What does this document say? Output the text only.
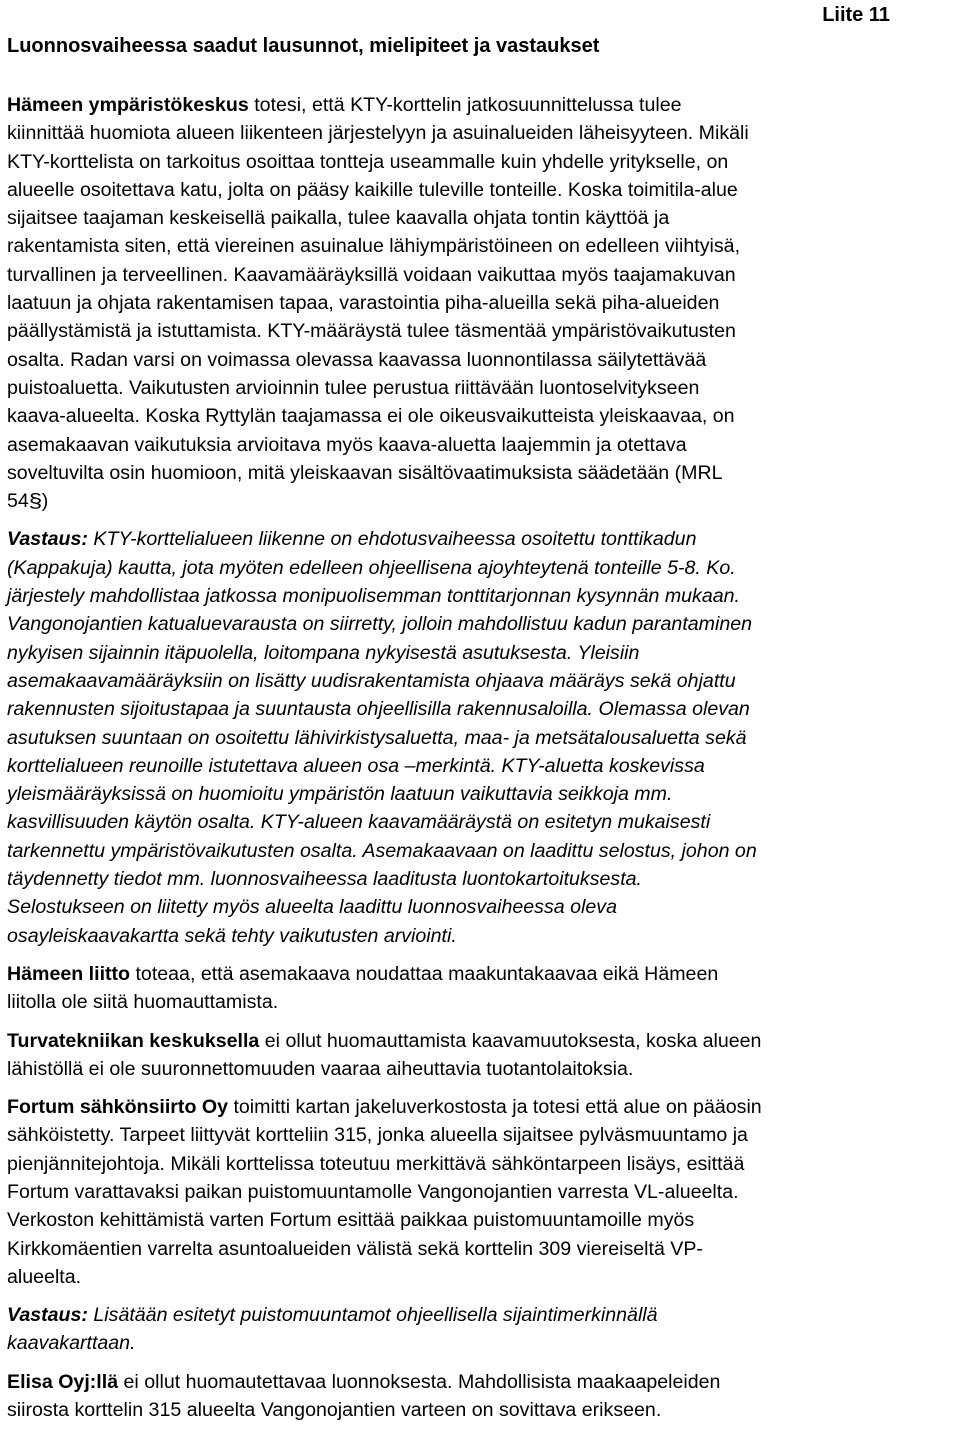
Liite 11

Luonnosvaiheessa saadut lausunnot, mielipiteet ja vastaukset

Hämeen ympäristökeskus totesi, että KTY-korttelin jatkosuunnittelussa tulee
kiinnittää huomiota alueen liikenteen järjestelyyn ja asuinalueiden läheisyyteen. Mikäli
KTY-korttelista on tarkoitus osoittaa tontteja useammalle kuin yhdelle yritykselle, on
alueelle osoitettava katu, jolta on pääsy kaikille tuleville tonteille. Koska toimitila-alue
sijaitsee taajaman keskeisellä paikalla, tulee kaavalla ohjata tontin käyttöä ja
rakentamista siten, että viereinen asuinalue lähiympäristöineen on edelleen viihtyisä,
turvallinen ja terveellinen. Kaavamääräyksillä voidaan vaikuttaa myös taajamakuvan
laatuun ja ohjata rakentamisen tapaa, varastointia piha-alueilla sekä piha-alueiden
päällystämistä ja istuttamista. KTY-määräystä tulee täsmentää ympäristövaikutusten
osalta. Radan varsi on voimassa olevassa kaavassa luonnontilassa säilytettävää
puistoaluetta. Vaikutusten arvioinnin tulee perustua riittävään luontoselvitykseen
kaava-alueelta. Koska Ryttylän taajamassa ei ole oikeusvaikutteista yleiskaavaa, on
asemakaavan vaikutuksia arvioitava myös kaava-aluetta laajemmin ja otettava
soveltuvilta osin huomioon, mitä yleiskaavan sisältövaatimuksista säädetään (MRL
54§)

Vastaus: KTY-korttelialueen liikenne on ehdotusvaiheessa osoitettu tonttikadun
(Kappakuja) kautta, jota myöten edelleen ohjeellisena ajoyhteytenä tonteille 5-8. Ko.
järjestely mahdollistaa jatkossa monipuolisemman tonttitarjonnan kysynnän mukaan.
Vangonojantien katualuevarausta on siirretty, jolloin mahdollistuu kadun parantaminen
nykyisen sijainnin itäpuolella, loitompana nykyisestä asutuksesta. Yleisiin
asemakaavamääräyksiin on lisätty uudisrakentamista ohjaava määräys sekä ohjattu
rakennusten sijoitustapaa ja suuntausta ohjeellisilla rakennusaloilla. Olemassa olevan
asutuksen suuntaan on osoitettu lähivirkistysaluetta, maa- ja metsätalousaluetta sekä
korttelialueen reunoille istutettava alueen osa –merkintä. KTY-aluetta koskevissa
yleismääräyksissä on huomioitu ympäristön laatuun vaikuttavia seikkoja mm.
kasvillisuuden käytön osalta. KTY-alueen kaavamääräystä on esitetyn mukaisesti
tarkennettu ympäristövaikutusten osalta. Asemakaavaan on laadittu selostus, johon on
täydennetty tiedot mm. luonnosvaiheessa laaditusta luontokartoituksesta.
Selostukseen on liitetty myös alueelta laadittu luonnosvaiheessa oleva
osayleiskaavakartta sekä tehty vaikutusten arviointi.

Hämeen liitto toteaa, että asemakaava noudattaa maakuntakaavaa eikä Hämeen
liitolla ole siitä huomauttamista.

Turvatekniikan keskuksella ei ollut huomauttamista kaavamuutoksesta, koska alueen
lähistöllä ei ole suuronnettomuuden vaaraa aiheuttavia tuotantolaitoksia.

Fortum sähkönsiirto Oy toimitti kartan jakeluverkostosta ja totesi että alue on pääosin
sähköistetty. Tarpeet liittyvät kortteliin 315, jonka alueella sijaitsee pylväsmuuntamo ja
pienjännitejohtoja. Mikäli korttelissa toteutuu merkittävä sähköntarpeen lisäys, esittää
Fortum varattavaksi paikan puistomuuntamolle Vangonojantien varresta VL-alueelta.
Verkoston kehittämistä varten Fortum esittää paikkaa puistomuuntamoille myös
Kirkkomäentien varrelta asuntoalueiden välistä sekä korttelin 309 viereiseltä VP-
alueelta.

Vastaus: Lisätään esitetyt puistomuuntamot ohjeellisella sijaintimerkinnällä
kaavakarttaan.

Elisa Oyj:llä ei ollut huomautettavaa luonnoksesta. Mahdollisista maakaapeleiden
siirosta korttelin 315 alueelta Vangonojantien varteen on sovittava erikseen.
